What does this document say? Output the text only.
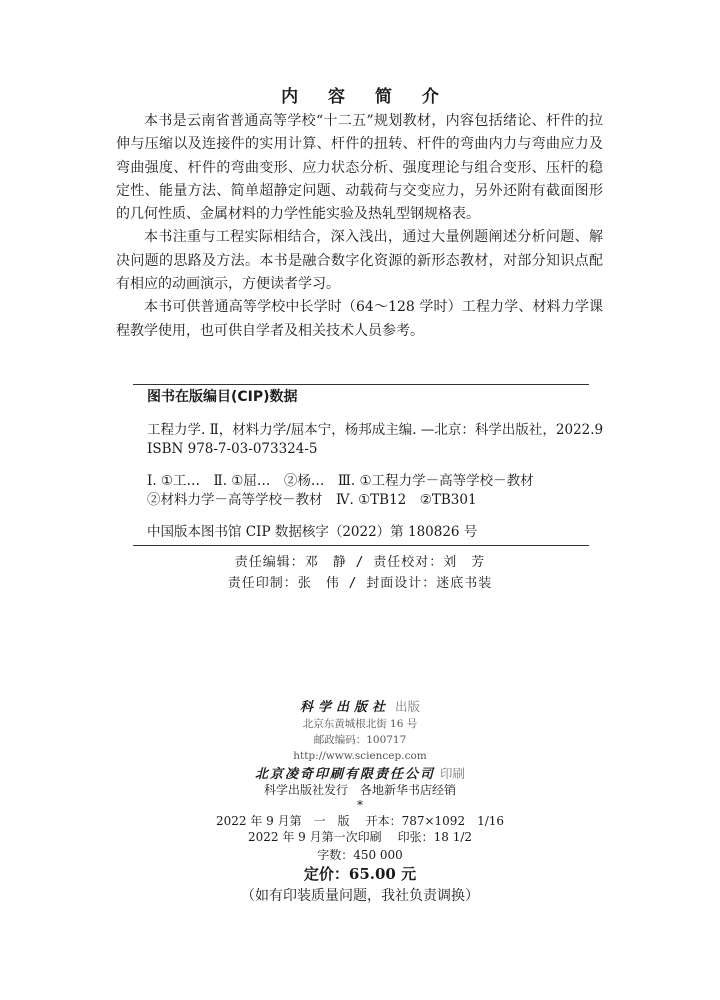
内 容 简 介

本书是云南省普通高等学校“十二五”规划教材，内容包括绪论、杆件的拉伸与压缩以及连接件的实用计算、杆件的扭转、杆件的弯曲内力与弯曲应力及弯曲强度、杆件的弯曲变形、应力状态分析、强度理论与组合变形、压杆的稳定性、能量方法、简单超静定问题、动载荷与交变应力，另外还附有截面图形的几何性质、金属材料的力学性能实验及热轧型钢规格表。

本书注重与工程实际相结合，深入浅出，通过大量例题阐述分析问题、解决问题的思路及方法。本书是融合数字化资源的新形态教材，对部分知识点配有相应的动画演示，方便读者学习。

本书可供普通高等学校中长学时（64～128 学时）工程力学、材料力学课程教学使用，也可供自学者及相关技术人员参考。

图书在版编目(CIP)数据
工程力学. Ⅱ，材料力学/屈本宁，杨邦成主编. —北京：科学出版社，2022.9
ISBN 978-7-03-073324-5
Ⅰ. ①工…　Ⅱ. ①屈…　②杨…　Ⅲ. ①工程力学－高等学校－教材
②材料力学－高等学校－教材　Ⅳ. ①TB12　②TB301
中国版本图书馆 CIP 数据核字（2022）第 180826 号
责任编辑：邓　静 / 责任校对：刘　芳
责任印制：张　伟 / 封面设计：迷底书装
科学出版社 出版
北京东黄城根北街 16 号
邮政编码：100717
http://www.sciencep.com
北京凌奇印刷有限责任公司 印刷
科学出版社发行　各地新华书店经销
*
2022 年 9 月第　一　版 开本：787×1092　1/16
2022 年 9 月第一次印刷 印张：18 1/2
字数：450 000
定价：65.00 元
（如有印装质量问题，我社负责调换）
